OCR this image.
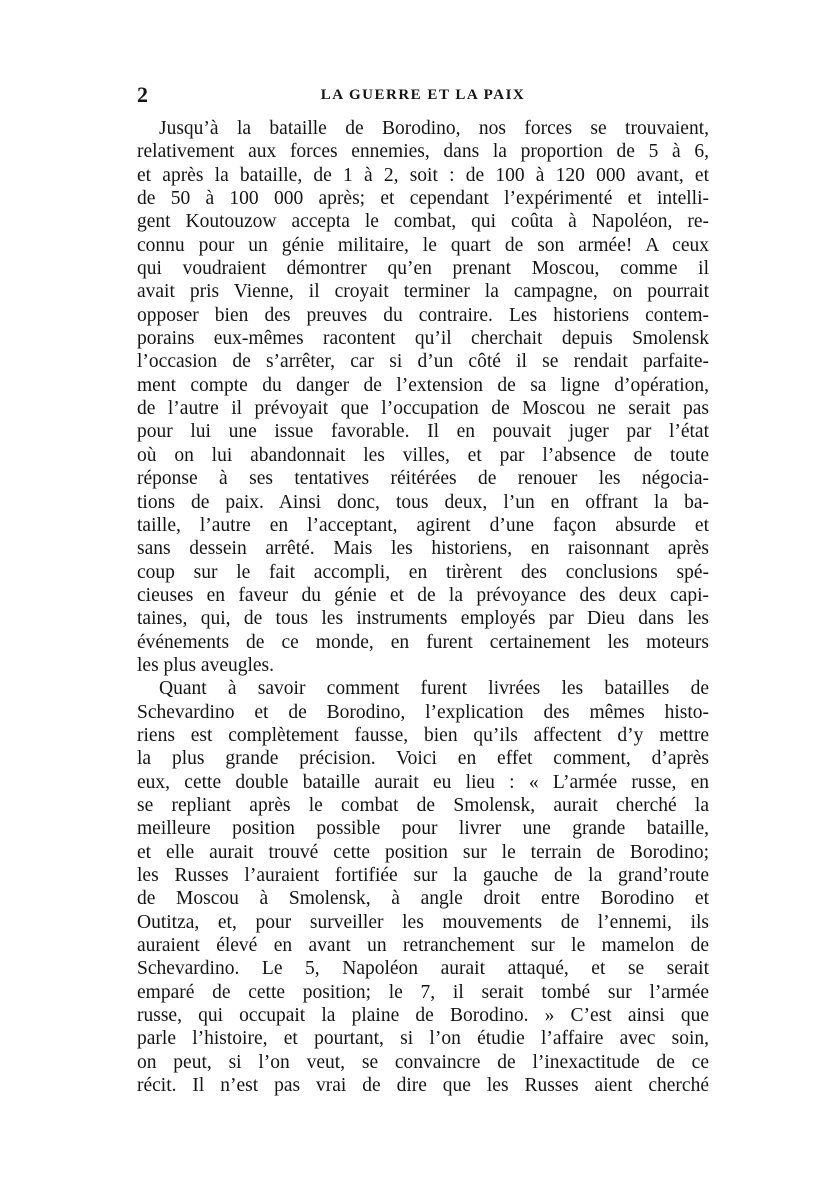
2	LA GUERRE ET LA PAIX
Jusqu’à la bataille de Borodino, nos forces se trouvaient,
relativement aux forces ennemies, dans la proportion de 5 à 6,
et après la bataille, de 1 à 2, soit : de 100 à 120 000 avant, et
de 50 à 100 000 après; et cependant l’expérimenté et intelli-
gent Koutouzow accepta le combat, qui coûta à Napoléon, re-
connu pour un génie militaire, le quart de son armée! A ceux
qui voudraient démontrer qu’en prenant Moscou, comme il
avait pris Vienne, il croyait terminer la campagne, on pourrait
opposer bien des preuves du contraire. Les historiens contem-
porains eux-mêmes racontent qu’il cherchait depuis Smolensk
l’occasion de s’arrêter, car si d’un côté il se rendait parfaite-
ment compte du danger de l’extension de sa ligne d’opération,
de l’autre il prévoyait que l’occupation de Moscou ne serait pas
pour lui une issue favorable. Il en pouvait juger par l’état
où on lui abandonnait les villes, et par l’absence de toute
réponse à ses tentatives réitérées de renouer les négocia-
tions de paix. Ainsi donc, tous deux, l’un en offrant la ba-
taille, l’autre en l’acceptant, agirent d’une façon absurde et
sans dessein arrêté. Mais les historiens, en raisonnant après
coup sur le fait accompli, en tirèrent des conclusions spé-
cieuses en faveur du génie et de la prévoyance des deux capi-
taines, qui, de tous les instruments employés par Dieu dans les
événements de ce monde, en furent certainement les moteurs
les plus aveugles.
Quant à savoir comment furent livrées les batailles de
Schevardino et de Borodino, l’explication des mêmes histo-
riens est complètement fausse, bien qu’ils affectent d’y mettre
la plus grande précision. Voici en effet comment, d’après
eux, cette double bataille aurait eu lieu : « L’armée russe, en
se repliant après le combat de Smolensk, aurait cherché la
meilleure position possible pour livrer une grande bataille,
et elle aurait trouvé cette position sur le terrain de Borodino;
les Russes l’auraient fortifiée sur la gauche de la grand’route
de Moscou à Smolensk, à angle droit entre Borodino et
Outitza, et, pour surveiller les mouvements de l’ennemi, ils
auraient élevé en avant un retranchement sur le mamelon de
Schevardino. Le 5, Napoléon aurait attaqué, et se serait
emparé de cette position; le 7, il serait tombé sur l’armée
russe, qui occupait la plaine de Borodino. » C’est ainsi que
parle l’histoire, et pourtant, si l’on étudie l’affaire avec soin,
on peut, si l’on veut, se convaincre de l’inexactitude de ce
récit. Il n’est pas vrai de dire que les Russes aient cherché
